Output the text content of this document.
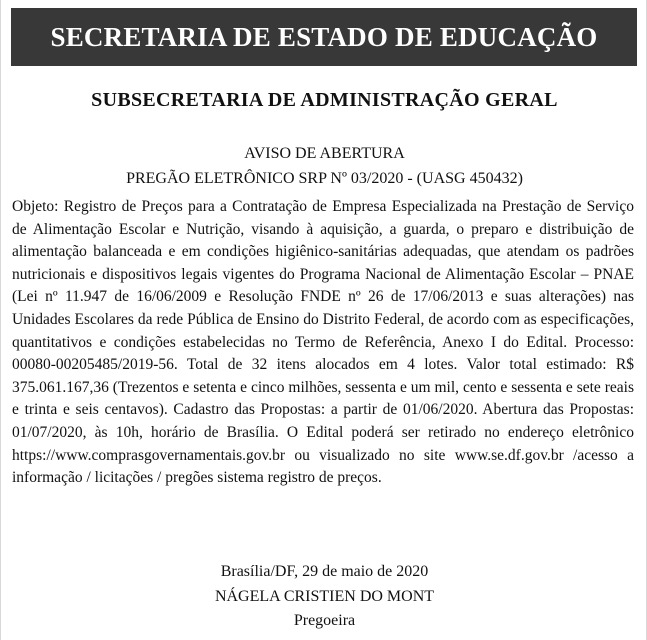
SECRETARIA DE ESTADO DE EDUCAÇÃO
SUBSECRETARIA DE ADMINISTRAÇÃO GERAL
AVISO DE ABERTURA
PREGÃO ELETRÔNICO SRP Nº 03/2020 - (UASG 450432)

Objeto: Registro de Preços para a Contratação de Empresa Especializada na Prestação de Serviço de Alimentação Escolar e Nutrição, visando à aquisição, a guarda, o preparo e distribuição de alimentação balanceada e em condições higiênico-sanitárias adequadas, que atendam os padrões nutricionais e dispositivos legais vigentes do Programa Nacional de Alimentação Escolar – PNAE (Lei nº 11.947 de 16/06/2009 e Resolução FNDE nº 26 de 17/06/2013 e suas alterações) nas Unidades Escolares da rede Pública de Ensino do Distrito Federal, de acordo com as especificações, quantitativos e condições estabelecidas no Termo de Referência, Anexo I do Edital. Processo: 00080-00205485/2019-56. Total de 32 itens alocados em 4 lotes. Valor total estimado: R$ 375.061.167,36 (Trezentos e setenta e cinco milhões, sessenta e um mil, cento e sessenta e sete reais e trinta e seis centavos). Cadastro das Propostas: a partir de 01/06/2020. Abertura das Propostas: 01/07/2020, às 10h, horário de Brasília. O Edital poderá ser retirado no endereço eletrônico https://www.comprasgovernamentais.gov.br ou visualizado no site www.se.df.gov.br /acesso a informação / licitações / pregões sistema registro de preços.

Brasília/DF, 29 de maio de 2020
NÁGELA CRISTIEN DO MONT
Pregoeira
